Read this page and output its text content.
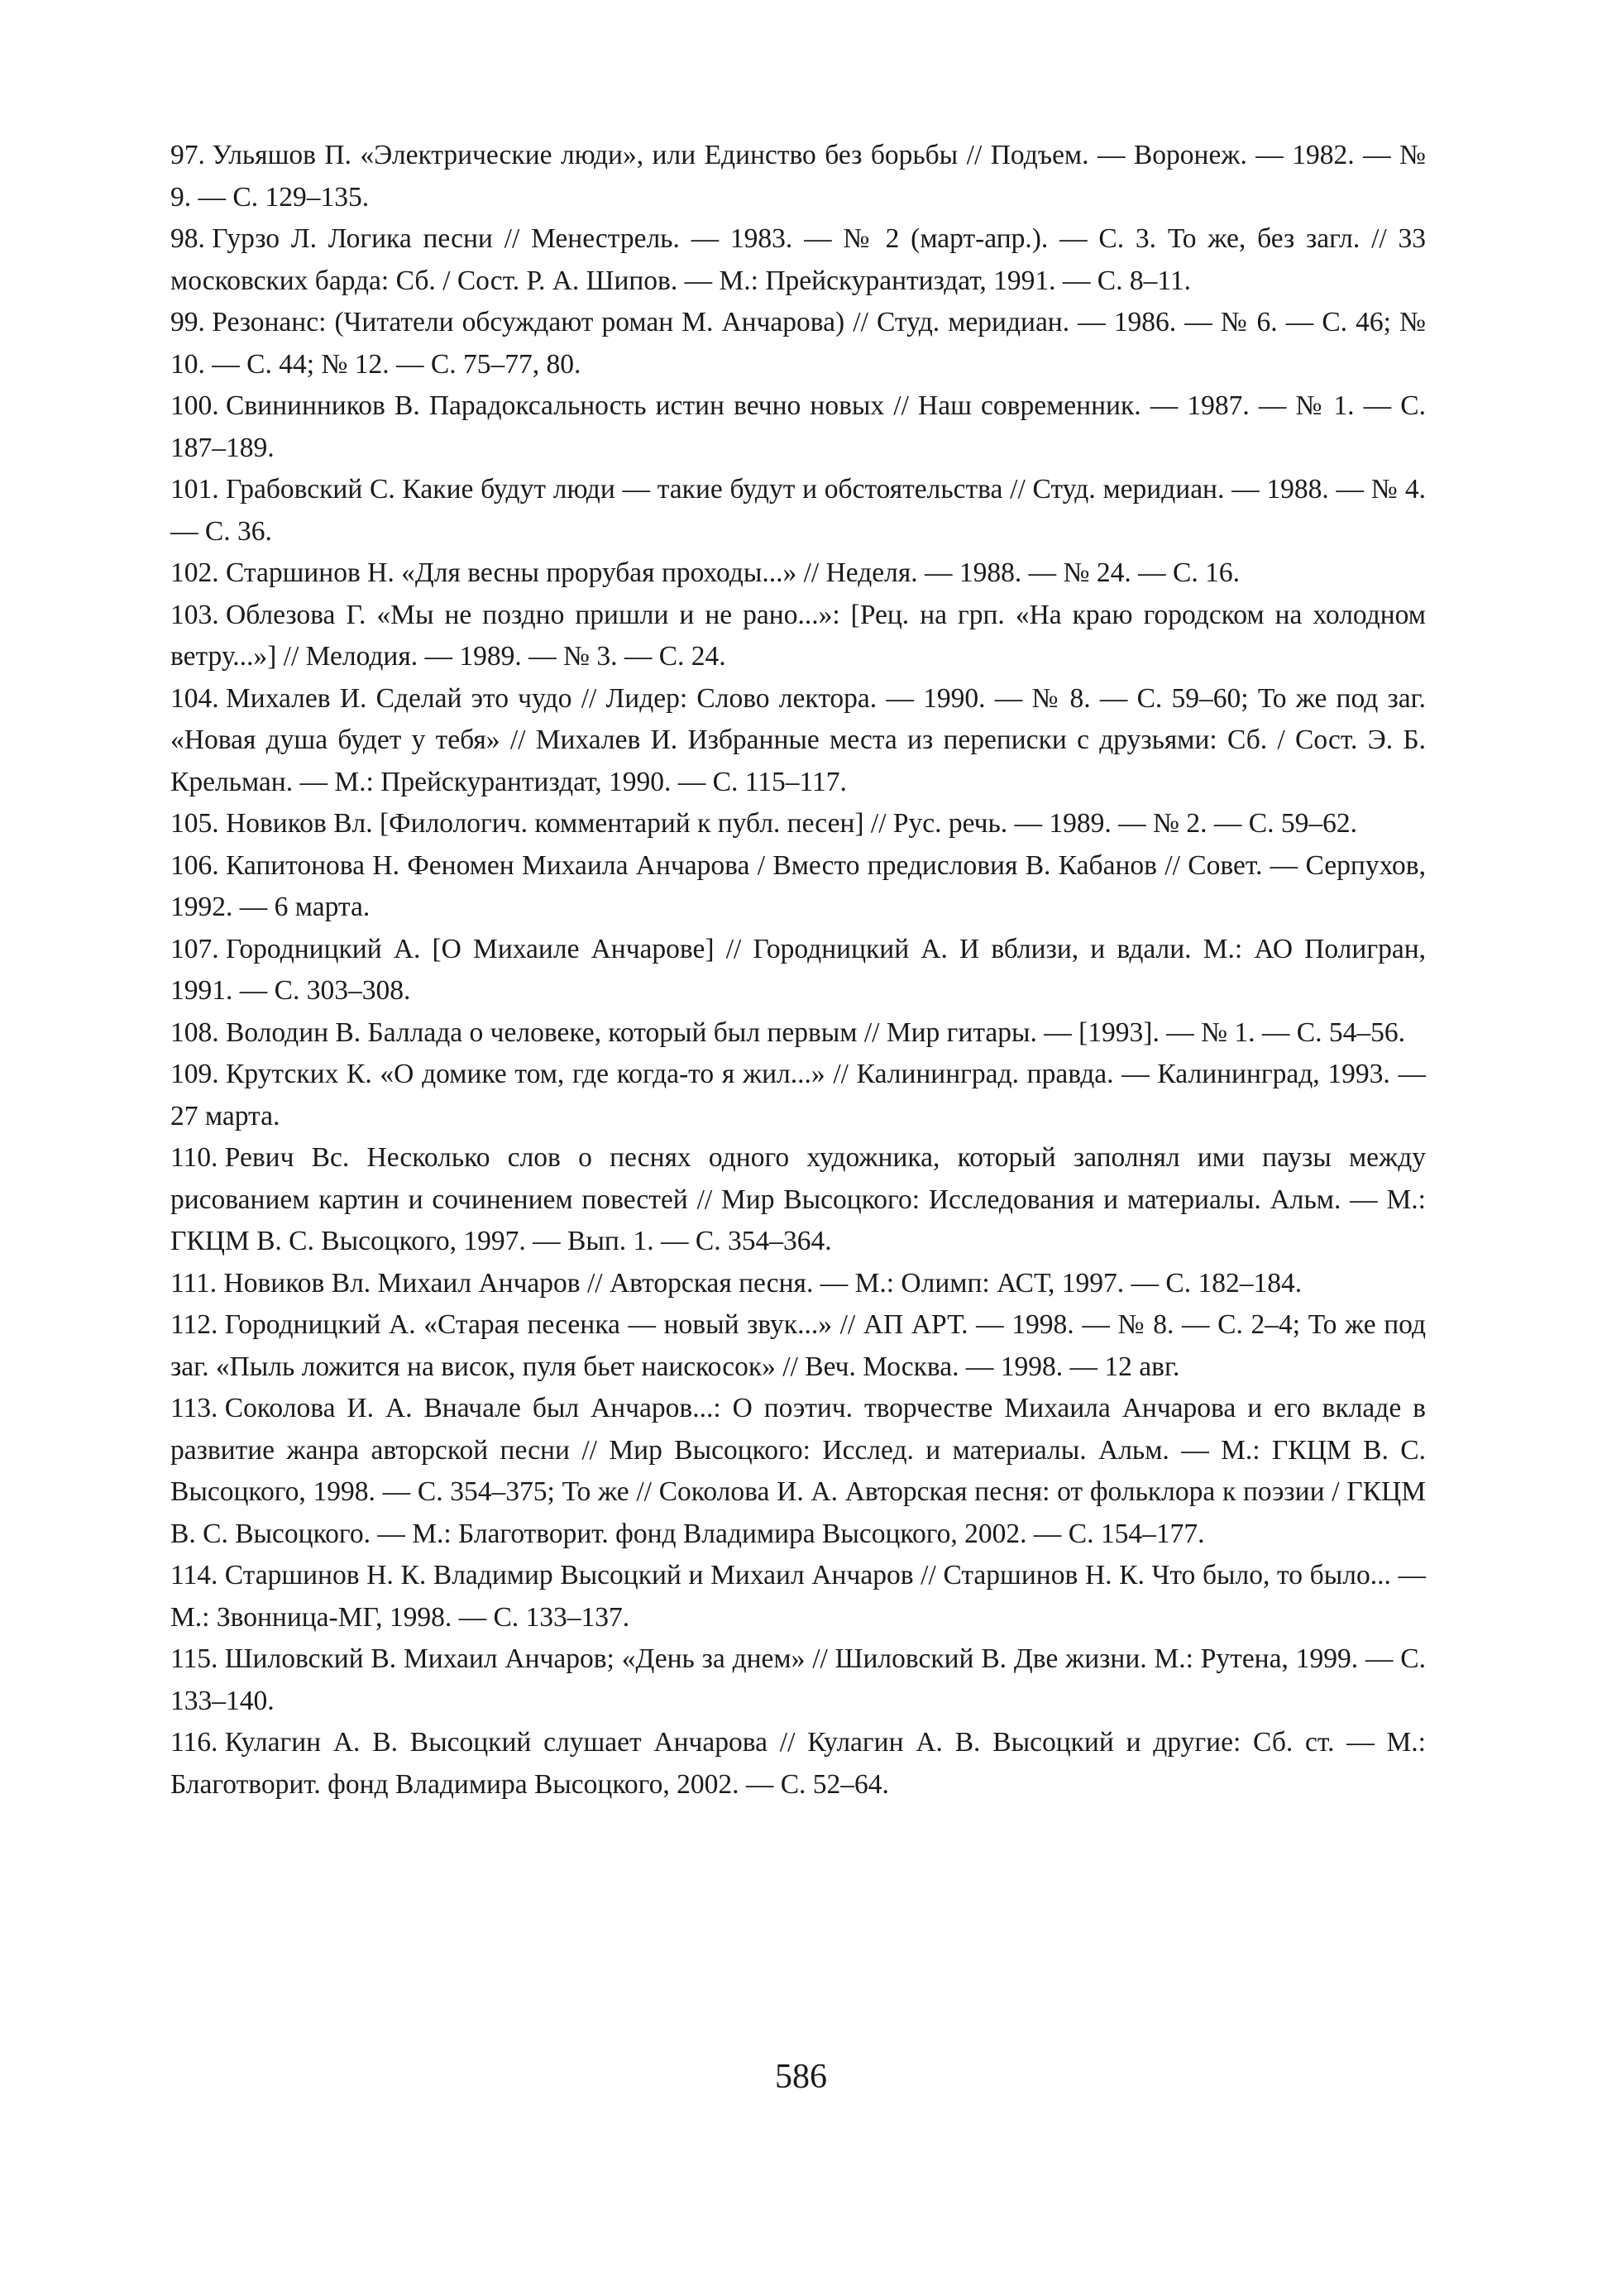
97. Ульяшов П. «Электрические люди», или Единство без борьбы // Подъем. — Воронеж. — 1982. — № 9. — С. 129–135.

98. Гурзо Л. Логика песни // Менестрель. — 1983. — № 2 (март-апр.). — С. 3. То же, без загл. // 33 московских барда: Сб. / Сост. Р. А. Шипов. — М.: Прейскурантиздат, 1991. — С. 8–11.

99. Резонанс: (Читатели обсуждают роман М. Анчарова) // Студ. меридиан. — 1986. — № 6. — С. 46; № 10. — С. 44; № 12. — С. 75–77, 80.

100. Свининников В. Парадоксальность истин вечно новых // Наш современник. — 1987. — № 1. — С. 187–189.

101. Грабовский С. Какие будут люди — такие будут и обстоятельства // Студ. меридиан. — 1988. — № 4. — С. 36.

102. Старшинов Н. «Для весны прорубая проходы...» // Неделя. — 1988. — № 24. — С. 16.

103. Облезова Г. «Мы не поздно пришли и не рано...»: [Рец. на грп. «На краю городском на холодном ветру...»] // Мелодия. — 1989. — № 3. — С. 24.

104. Михалев И. Сделай это чудо // Лидер: Слово лектора. — 1990. — № 8. — С. 59–60; То же под заг. «Новая душа будет у тебя» // Михалев И. Избранные места из переписки с друзьями: Сб. / Сост. Э. Б. Крельман. — М.: Прейскурантиздат, 1990. — С. 115–117.

105. Новиков Вл. [Филологич. комментарий к публ. песен] // Рус. речь. — 1989. — № 2. — С. 59–62.

106. Капитонова Н. Феномен Михаила Анчарова / Вместо предисловия В. Кабанов // Совет. — Серпухов, 1992. — 6 марта.

107. Городницкий А. [О Михаиле Анчарове] // Городницкий А. И вблизи, и вдали. М.: АО Полигран, 1991. — С. 303–308.

108. Володин В. Баллада о человеке, который был первым // Мир гитары. — [1993]. — № 1. — С. 54–56.

109. Крутских К. «О домике том, где когда-то я жил...» // Калининград. правда. — Калининград, 1993. — 27 марта.

110. Ревич Вс. Несколько слов о песнях одного художника, который заполнял ими паузы между рисованием картин и сочинением повестей // Мир Высоцкого: Исследования и материалы. Альм. — М.: ГКЦМ В. С. Высоцкого, 1997. — Вып. 1. — С. 354–364.

111. Новиков Вл. Михаил Анчаров // Авторская песня. — М.: Олимп: АСТ, 1997. — С. 182–184.

112. Городницкий А. «Старая песенка — новый звук...» // АП АРТ. — 1998. — № 8. — С. 2–4; То же под заг. «Пыль ложится на висок, пуля бьет наискосок» // Веч. Москва. — 1998. — 12 авг.

113. Соколова И. А. Вначале был Анчаров...: О поэтич. творчестве Михаила Анчарова и его вкладе в развитие жанра авторской песни // Мир Высоцкого: Исслед. и материалы. Альм. — М.: ГКЦМ В. С. Высоцкого, 1998. — С. 354–375; То же // Соколова И. А. Авторская песня: от фольклора к поэзии / ГКЦМ В. С. Высоцкого. — М.: Благотворит. фонд Владимира Высоцкого, 2002. — С. 154–177.

114. Старшинов Н. К. Владимир Высоцкий и Михаил Анчаров // Старшинов Н. К. Что было, то было... — М.: Звонница-МГ, 1998. — С. 133–137.

115. Шиловский В. Михаил Анчаров; «День за днем» // Шиловский В. Две жизни. М.: Рутена, 1999. — С. 133–140.

116. Кулагин А. В. Высоцкий слушает Анчарова // Кулагин А. В. Высоцкий и другие: Сб. ст. — М.: Благотворит. фонд Владимира Высоцкого, 2002. — С. 52–64.

586
